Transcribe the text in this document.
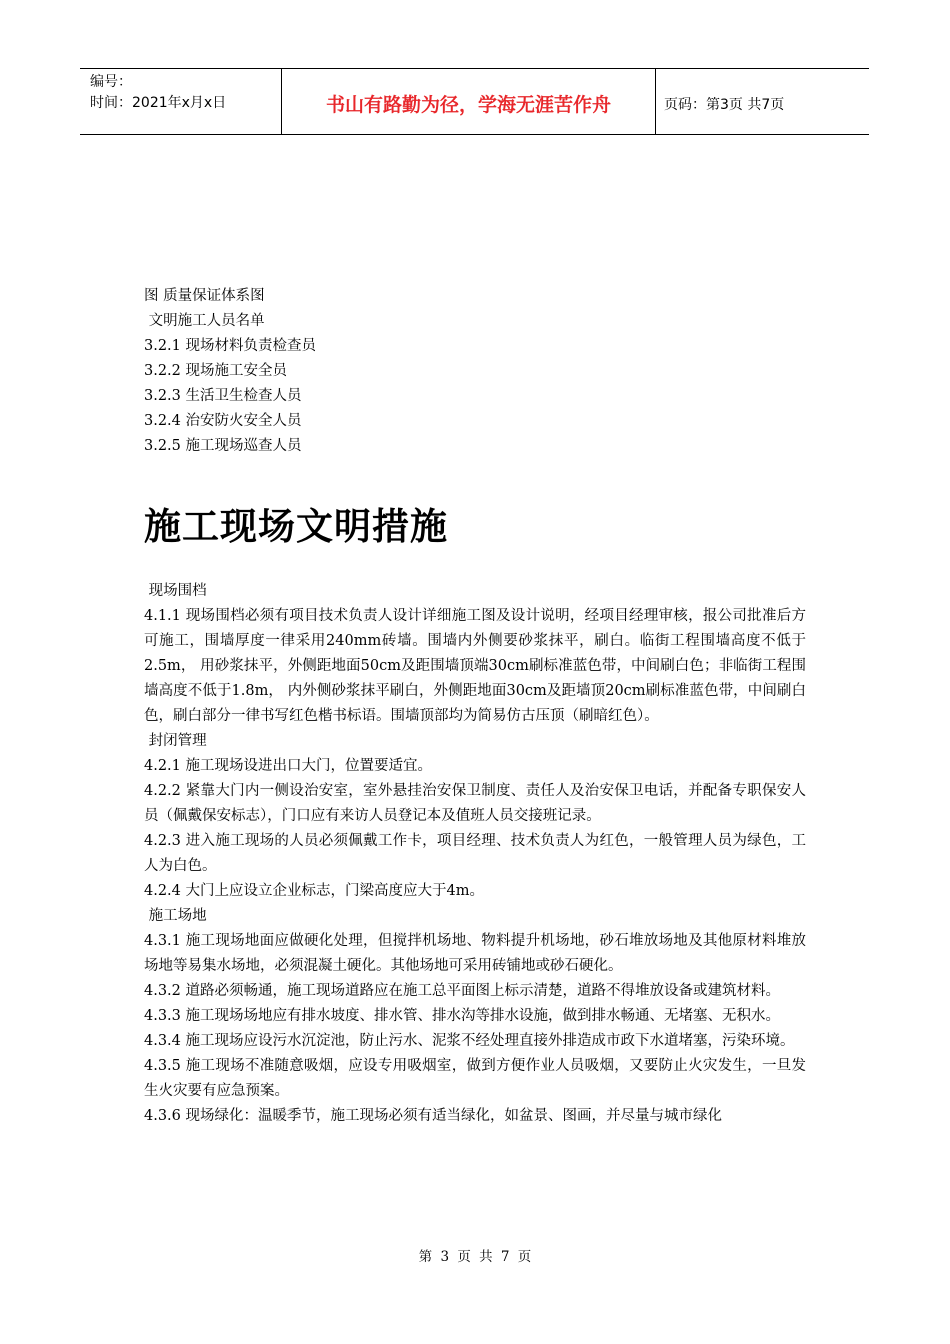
编号：
时间：2021年x月x日	书山有路勤为径，学海无涯苦作舟	页码：第3页 共7页
图 质量保证体系图
文明施工人员名单
3.2.1 现场材料负责检查员
3.2.2 现场施工安全员
3.2.3 生活卫生检查人员
3.2.4 治安防火安全人员
3.2.5 施工现场巡查人员
施工现场文明措施
现场围档
4.1.1 现场围档必须有项目技术负责人设计详细施工图及设计说明，经项目经理审核，报公司批准后方可施工，围墙厚度一律采用240mm砖墙。围墙内外侧要砂浆抹平，刷白。临街工程围墙高度不低于2.5m， 用砂浆抹平，外侧距地面50cm及距围墙顶端30cm刷标准蓝色带，中间刷白色；非临街工程围墙高度不低于1.8m， 内外侧砂浆抹平刷白，外侧距地面30cm及距墙顶20cm刷标准蓝色带，中间刷白色，刷白部分一律书写红色楷书标语。围墙顶部均为简易仿古压顶（刷暗红色）。
封闭管理
4.2.1 施工现场设进出口大门，位置要适宜。
4.2.2 紧靠大门内一侧设治安室，室外悬挂治安保卫制度、责任人及治安保卫电话，并配备专职保安人员（佩戴保安标志），门口应有来访人员登记本及值班人员交接班记录。
4.2.3 进入施工现场的人员必须佩戴工作卡，项目经理、技术负责人为红色，一般管理人员为绿色，工人为白色。
4.2.4 大门上应设立企业标志，门梁高度应大于4m。
施工场地
4.3.1 施工现场地面应做硬化处理，但搅拌机场地、物料提升机场地，砂石堆放场地及其他原材料堆放场地等易集水场地，必须混凝土硬化。其他场地可采用砖铺地或砂石硬化。
4.3.2 道路必须畅通，施工现场道路应在施工总平面图上标示清楚，道路不得堆放设备或建筑材料。
4.3.3 施工现场场地应有排水坡度、排水管、排水沟等排水设施，做到排水畅通、无堵塞、无积水。
4.3.4 施工现场应设污水沉淀池，防止污水、泥浆不经处理直接外排造成市政下水道堵塞，污染环境。
4.3.5 施工现场不准随意吸烟，应设专用吸烟室，做到方便作业人员吸烟，又要防止火灾发生，一旦发生火灾要有应急预案。
4.3.6 现场绿化：温暖季节，施工现场必须有适当绿化，如盆景、图画，并尽量与城市绿化
第 3 页 共 7 页
